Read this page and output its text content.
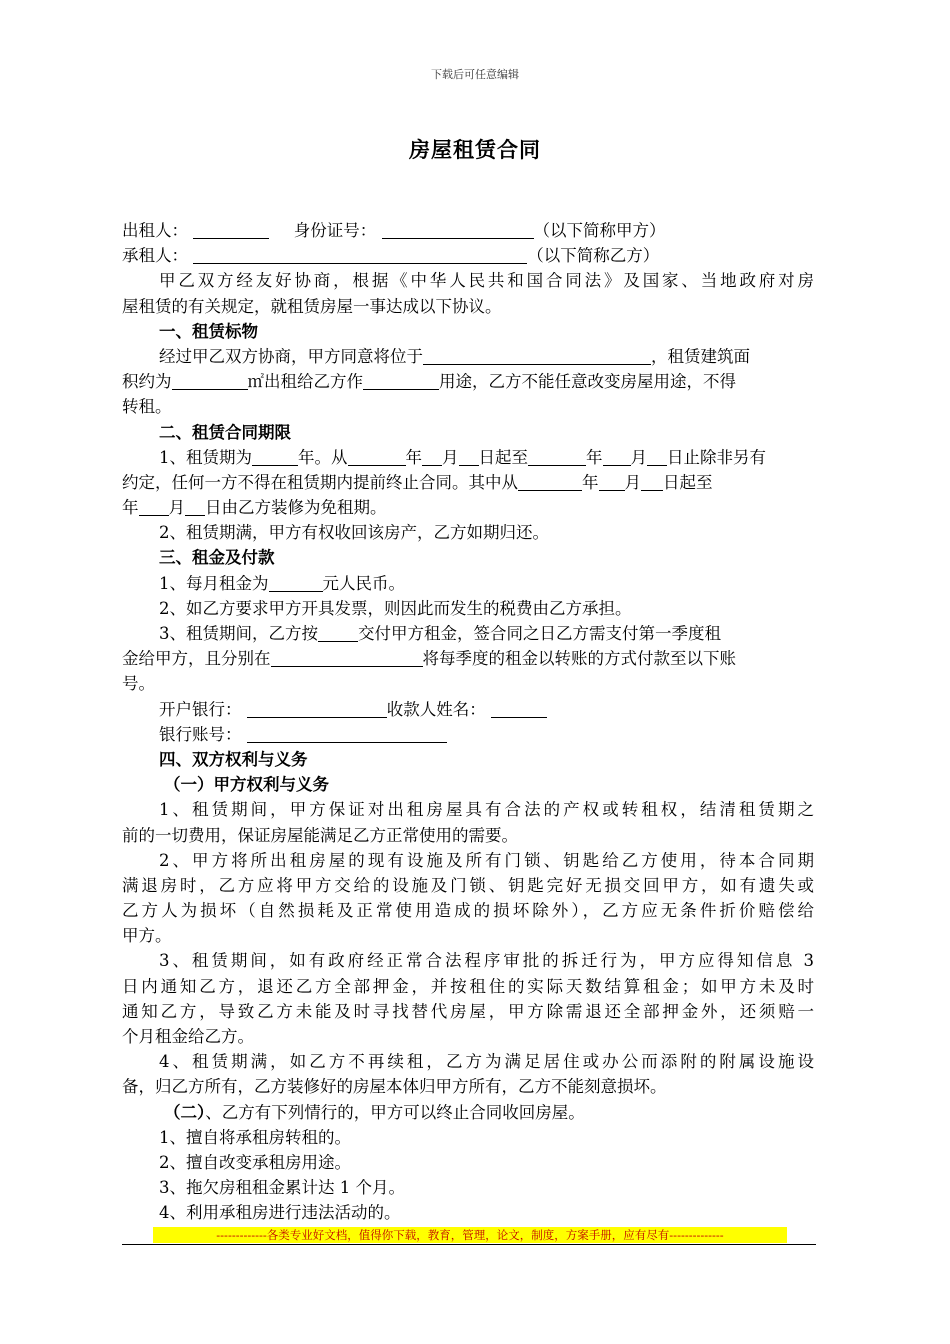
下载后可任意编辑
房屋租赁合同
出租人：	身份证号：	（以下简称甲方）
承租人：	（以下简称乙方）
甲乙双方经友好协商，根据《中华人民共和国合同法》及国家、当地政府对房
屋租赁的有关规定，就租赁房屋一事达成以下协议。
一、租赁标物
经过甲乙双方协商，甲方同意将位于	，租赁建筑面
积约为	㎡出租给乙方作	用途，乙方不能任意改变房屋用途，不得
转租。
二、租赁合同期限
1、租赁期为	年。从	年 月 日起至	年 月 日止除非另有
约定，任何一方不得在租赁期内提前终止合同。其中从	年 月 日起至
年 月 日由乙方装修为免租期。
2、租赁期满，甲方有权收回该房产，乙方如期归还。
三、租金及付款
1、每月租金为	元人民币。
2、如乙方要求甲方开具发票，则因此而发生的税费由乙方承担。
3、租赁期间，乙方按 交付甲方租金，签合同之日乙方需支付第一季度租
金给甲方，且分别在	将每季度的租金以转账的方式付款至以下账
号。
开户银行：	收款人姓名：
银行账号：
四、双方权利与义务
（一）甲方权利与义务
1、租赁期间，甲方保证对出租房屋具有合法的产权或转租权，结清租赁期之
前的一切费用，保证房屋能满足乙方正常使用的需要。
2、甲方将所出租房屋的现有设施及所有门锁、钥匙给乙方使用，待本合同期
满退房时，乙方应将甲方交给的设施及门锁、钥匙完好无损交回甲方，如有遗失或
乙方人为损坏（自然损耗及正常使用造成的损坏除外），乙方应无条件折价赔偿给
甲方。
3、租赁期间，如有政府经正常合法程序审批的拆迁行为，甲方应得知信息 3
日内通知乙方，退还乙方全部押金，并按租住的实际天数结算租金；如甲方未及时
通知乙方，导致乙方未能及时寻找替代房屋，甲方除需退还全部押金外，还须赔一
个月租金给乙方。
4、租赁期满，如乙方不再续租，乙方为满足居住或办公而添附的附属设施设
备，归乙方所有，乙方装修好的房屋本体归甲方所有，乙方不能刻意损坏。
（二）、乙方有下列情行的，甲方可以终止合同收回房屋。
1、擅自将承租房转租的。
2、擅自改变承租房用途。
3、拖欠房租租金累计达 1 个月。
4、利用承租房进行违法活动的。
-------------各类专业好文档，值得你下载，教育，管理，论文，制度，方案手册，应有尽有--------------
